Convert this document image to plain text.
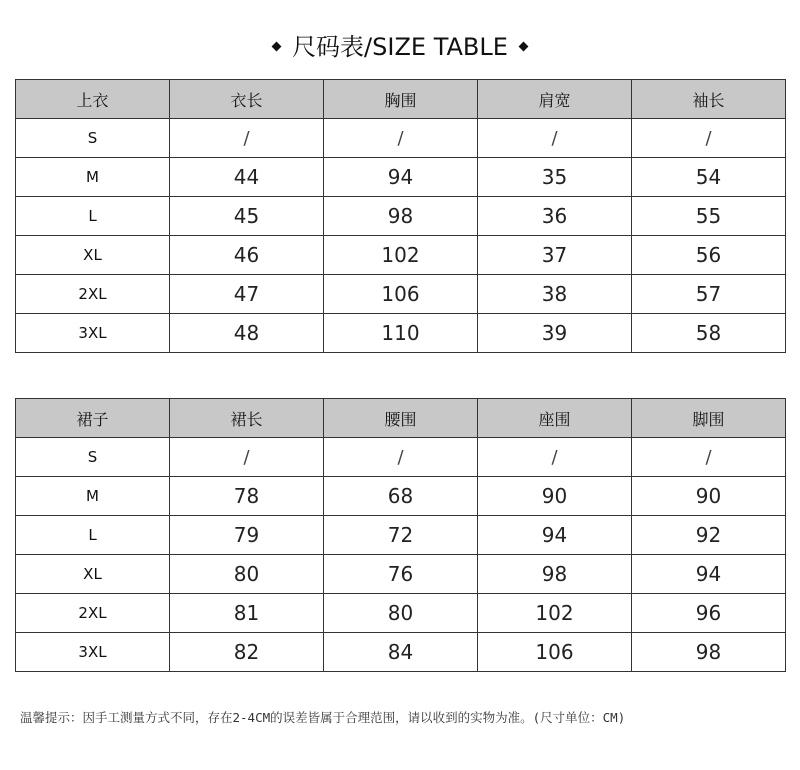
尺码表/SIZE TABLE
上衣	衣长	胸围	肩宽	袖长
S	/	/	/	/
M	44	94	35	54
L	45	98	36	55
XL	46	102	37	56
2XL	47	106	38	57
3XL	48	110	39	58
裙子	裙长	腰围	座围	脚围
S	/	/	/	/
M	78	68	90	90
L	79	72	94	92
XL	80	76	98	94
2XL	81	80	102	96
3XL	82	84	106	98
温馨提示：因手工测量方式不同，存在2-4CM的误差皆属于合理范围，请以收到的实物为准。(尺寸单位：CM)
